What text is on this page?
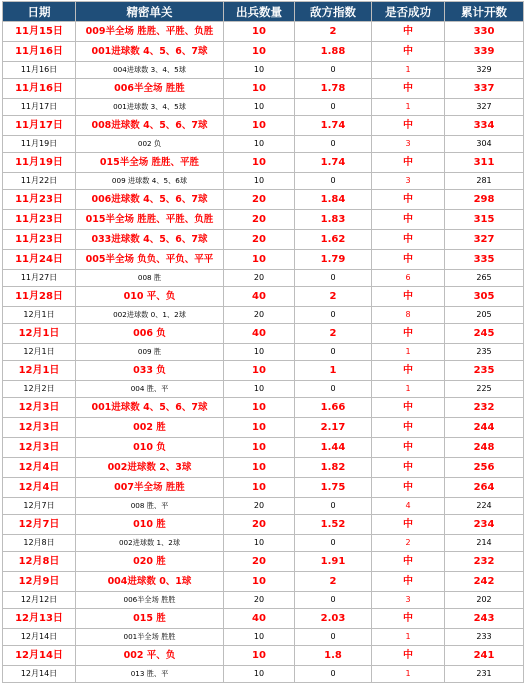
日期	精密单关	出兵数量	敌方指数	是否成功	累计开数
11月15日	009半全场 胜胜、平胜、负胜	10	2	中	330
11月16日	001进球数 4、5、6、7球	10	1.88	中	339
11月16日	004进球数 3、4、5球	10	0	1	329
11月16日	006半全场 胜胜	10	1.78	中	337
11月17日	001进球数 3、4、5球	10	0	1	327
11月17日	008进球数 4、5、6、7球	10	1.74	中	334
11月19日	002 负	10	0	3	304
11月19日	015半全场 胜胜、平胜	10	1.74	中	311
11月22日	009 进球数 4、5、6球	10	0	3	281
11月23日	006进球数 4、5、6、7球	20	1.84	中	298
11月23日	015半全场 胜胜、平胜、负胜	20	1.83	中	315
11月23日	033进球数 4、5、6、7球	20	1.62	中	327
11月24日	005半全场 负负、平负、平平	10	1.79	中	335
11月27日	008 胜	20	0	6	265
11月28日	010 平、负	40	2	中	305
12月1日	002进球数 0、1、2球	20	0	8	205
12月1日	006 负	40	2	中	245
12月1日	009 胜	10	0	1	235
12月1日	033 负	10	1	中	235
12月2日	004 胜、平	10	0	1	225
12月3日	001进球数 4、5、6、7球	10	1.66	中	232
12月3日	002 胜	10	2.17	中	244
12月3日	010 负	10	1.44	中	248
12月4日	002进球数 2、3球	10	1.82	中	256
12月4日	007半全场 胜胜	10	1.75	中	264
12月7日	008 胜、平	20	0	4	224
12月7日	010 胜	20	1.52	中	234
12月8日	002进球数 1、2球	10	0	2	214
12月8日	020 胜	20	1.91	中	232
12月9日	004进球数 0、1球	10	2	中	242
12月12日	006半全场 胜胜	20	0	3	202
12月13日	015 胜	40	2.03	中	243
12月14日	001半全场 胜胜	10	0	1	233
12月14日	002 平、负	10	1.8	中	241
12月14日	013 胜、平	10	0	1	231
